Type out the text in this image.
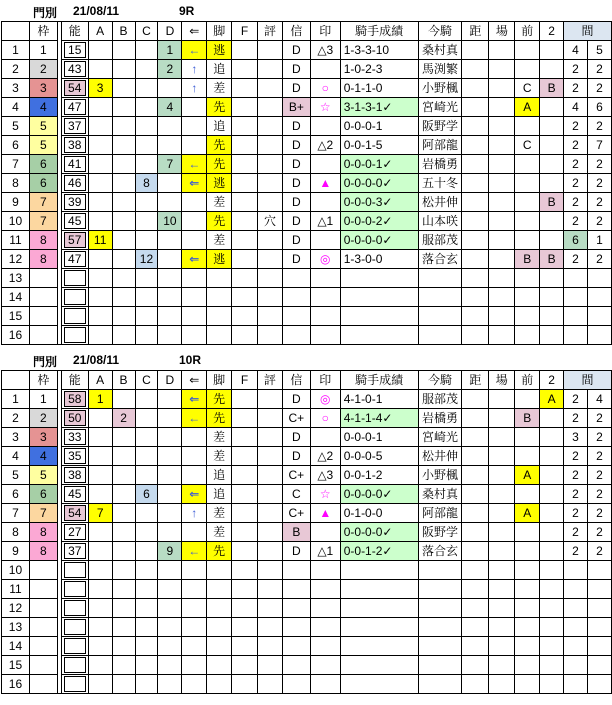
門別 21/08/11	9R
	枠		能	A	B	C	D	⇐	脚	F	評	信	印	騎手成績	今騎	距	場	前	2	間	
1	1		15				1	←	逃			D	△3	1-3-3-10	桑村真					4	5
2	2		43				2	↑	追			D		1-0-2-3	馬渕繁					2	2
3	3		54	3				↑	差			D	○	0-1-1-0	小野楓			C	B	2	2
4	4		47				4		先			B+	☆	3-1-3-1✓	宮崎光			A		4	6
5	5		37						追			D		0-0-0-1	阪野学					2	2
6	5		38						先			D	△2	0-0-1-5	阿部龍			C		2	7
7	6		41				7	←	先			D		0-0-0-1✓	岩橋勇					2	2
8	6		46			8		⇐	逃			D	▲	0-0-0-0✓	五十冬					2	2
9	7		39						差			D		0-0-0-3✓	松井伸				B	2	2
10	7		45				10		先		穴	D	△1	0-0-0-2✓	山本咲					2	2
11	8		57	11					差			D		0-0-0-0✓	服部茂					6	1
12	8		47			12		⇐	逃			D	◎	1-3-0-0	落合玄			B	B	2	2
13			

14			

15			

16			

門別 21/08/11	10R
	枠		能	A	B	C	D	⇐	脚	F	評	信	印	騎手成績	今騎	距	場	前	2	間	
1	1		58	1				⇐	先			D	◎	4-1-0-1	服部茂				A	2	4
2	2		50		2			←	先			C+	○	4-1-1-4✓	岩橋勇			B		2	2
3	3		33						差			D		0-0-0-1	宮崎光					3	2
4	4		35						差			D	△2	0-0-0-5	松井伸					2	2
5	5		38						追			C+	△3	0-0-1-2	小野楓			A		2	2
6	6		45			6		⇐	追			C	☆	0-0-0-0✓	桑村真					2	2
7	7		54	7				↑	差			C+	▲	0-1-0-0	阿部龍			A		2	2
8	8		27						差			B		0-0-0-0✓	阪野学					2	2
9	8		37				9	←	先			D	△1	0-0-1-2✓	落合玄					2	2
10			

11			

12			

13			

14			

15			

16			
